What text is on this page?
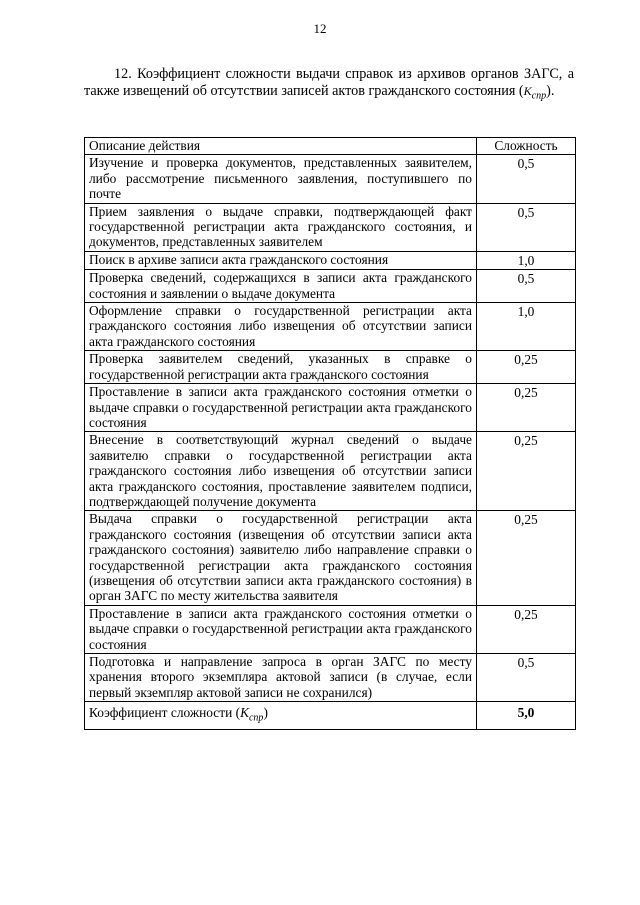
12

12. Коэффициент сложности выдачи справок из архивов органов ЗАГС, а также извещений об отсутствии записей актов гражданского состояния $(К_{спр})$.

Описание действия	Сложность
Изучение и проверка документов, представленных заявителем, либо рассмотрение письменного заявления, поступившего по почте	0,5
Прием заявления о выдаче справки, подтверждающей факт государственной регистрации акта гражданского состояния, и документов, представленных заявителем	0,5
Поиск в архиве записи акта гражданского состояния	1,0
Проверка сведений, содержащихся в записи акта гражданского состояния и заявлении о выдаче документа	0,5
Оформление справки о государственной регистрации акта гражданского состояния либо извещения об отсутствии записи акта гражданского состояния	1,0
Проверка заявителем сведений, указанных в справке о государственной регистрации акта гражданского состояния	0,25
Проставление в записи акта гражданского состояния отметки о выдаче справки о государственной регистрации акта гражданского состояния	0,25
Внесение в соответствующий журнал сведений о выдаче заявителю справки о государственной регистрации акта гражданского состояния либо извещения об отсутствии записи акта гражданского состояния, проставление заявителем подписи, подтверждающей получение документа	0,25
Выдача справки о государственной регистрации акта гражданского состояния (извещения об отсутствии записи акта гражданского состояния) заявителю либо направление справки о государственной регистрации акта гражданского состояния (извещения об отсутствии записи акта гражданского состояния) в орган ЗАГС по месту жительства заявителя	0,25
Проставление в записи акта гражданского состояния отметки о выдаче справки о государственной регистрации акта гражданского состояния	0,25
Подготовка и направление запроса в орган ЗАГС по месту хранения второго экземпляра актовой записи (в случае, если первый экземпляр актовой записи не сохранился)	0,5
Коэффициент сложности $(К_{спр})$	5,0
